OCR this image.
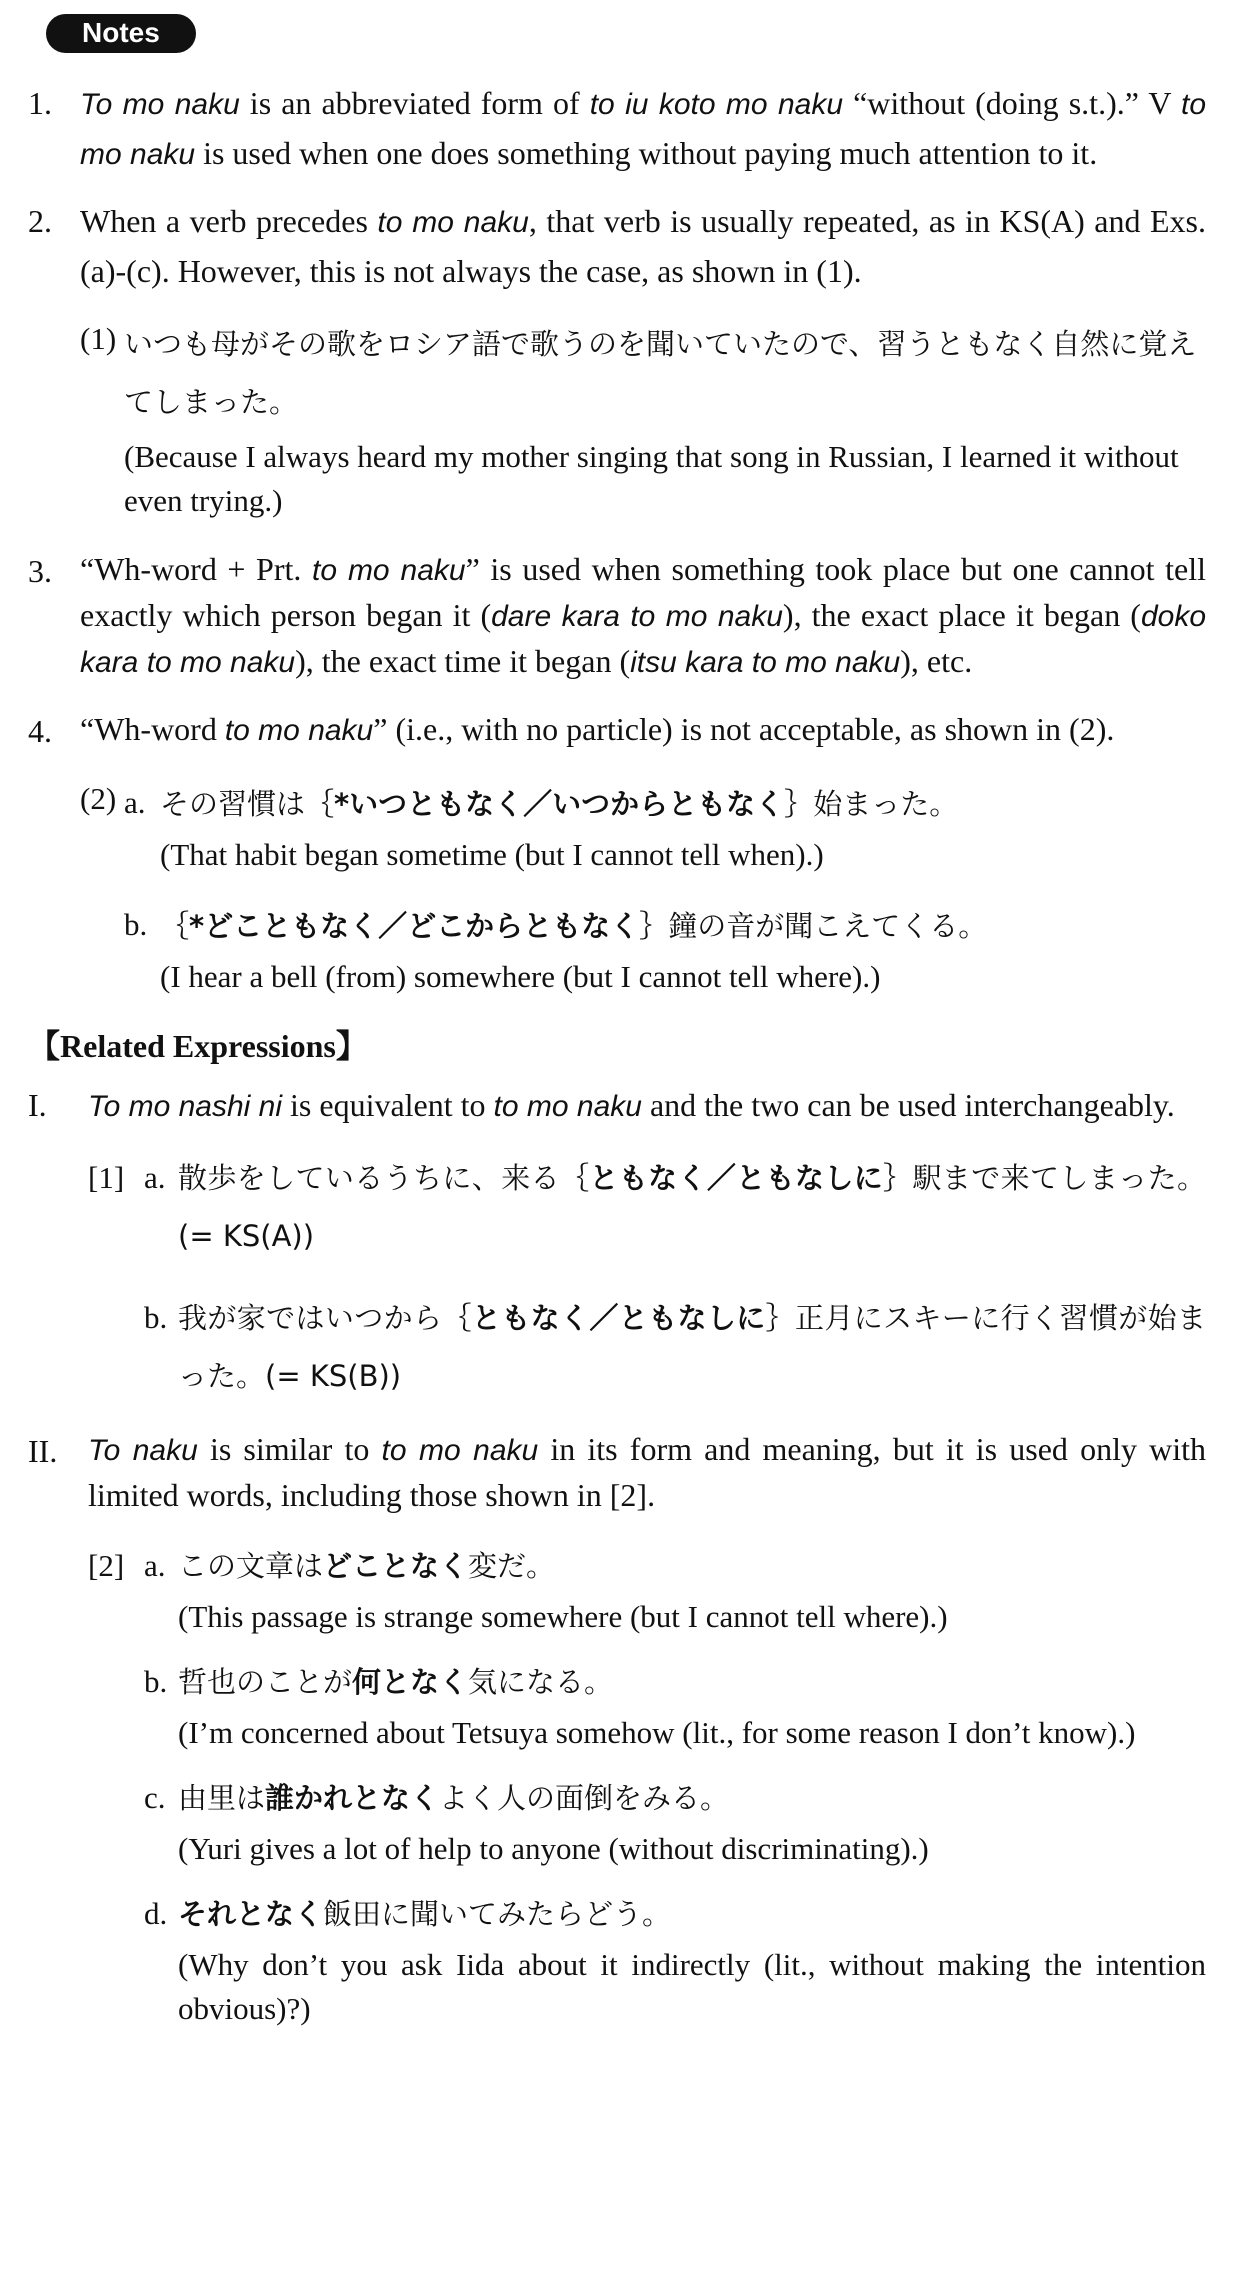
Notes
1. To mo naku is an abbreviated form of to iu koto mo naku “without (doing s.t.).” V to mo naku is used when one does something without paying much attention to it.
2. When a verb precedes to mo naku, that verb is usually repeated, as in KS(A) and Exs.(a)-(c). However, this is not always the case, as shown in (1).
(1) いつも母がその歌をロシア語で歌うのを聞いていたので、習うともなく自然に覚えてしまった。
(Because I always heard my mother singing that song in Russian, I learned it without even trying.)
3. “Wh-word + Prt. to mo naku” is used when something took place but one cannot tell exactly which person began it (dare kara to mo naku), the exact place it began (doko kara to mo naku), the exact time it began (itsu kara to mo naku), etc.
4. “Wh-word to mo naku” (i.e., with no particle) is not acceptable, as shown in (2).
(2) a. その習慣は｛*いつともなく／いつからともなく｝始まった。
(That habit began sometime (but I cannot tell when).)
b. ｛*どこともなく／どこからともなく｝鐘の音が聞こえてくる。
(I hear a bell (from) somewhere (but I cannot tell where).)
【Related Expressions】
I. To mo nashi ni is equivalent to to mo naku and the two can be used interchangeably.
[1] a. 散歩をしているうちに、来る｛ともなく／ともなしに｝駅まで来てしまった。(= KS(A))
b. 我が家ではいつから｛ともなく／ともなしに｝正月にスキーに行く習慣が始まった。(= KS(B))
II. To naku is similar to to mo naku in its form and meaning, but it is used only with limited words, including those shown in [2].
[2] a. この文章はどことなく変だ。
(This passage is strange somewhere (but I cannot tell where).)
b. 哲也のことが何となく気になる。
(I’m concerned about Tetsuya somehow (lit., for some reason I don’t know).)
c. 由里は誰かれとなくよく人の面倒をみる。
(Yuri gives a lot of help to anyone (without discriminating).)
d. それとなく飯田に聞いてみたらどう。
(Why don’t you ask Iida about it indirectly (lit., without making the intention obvious)?)
